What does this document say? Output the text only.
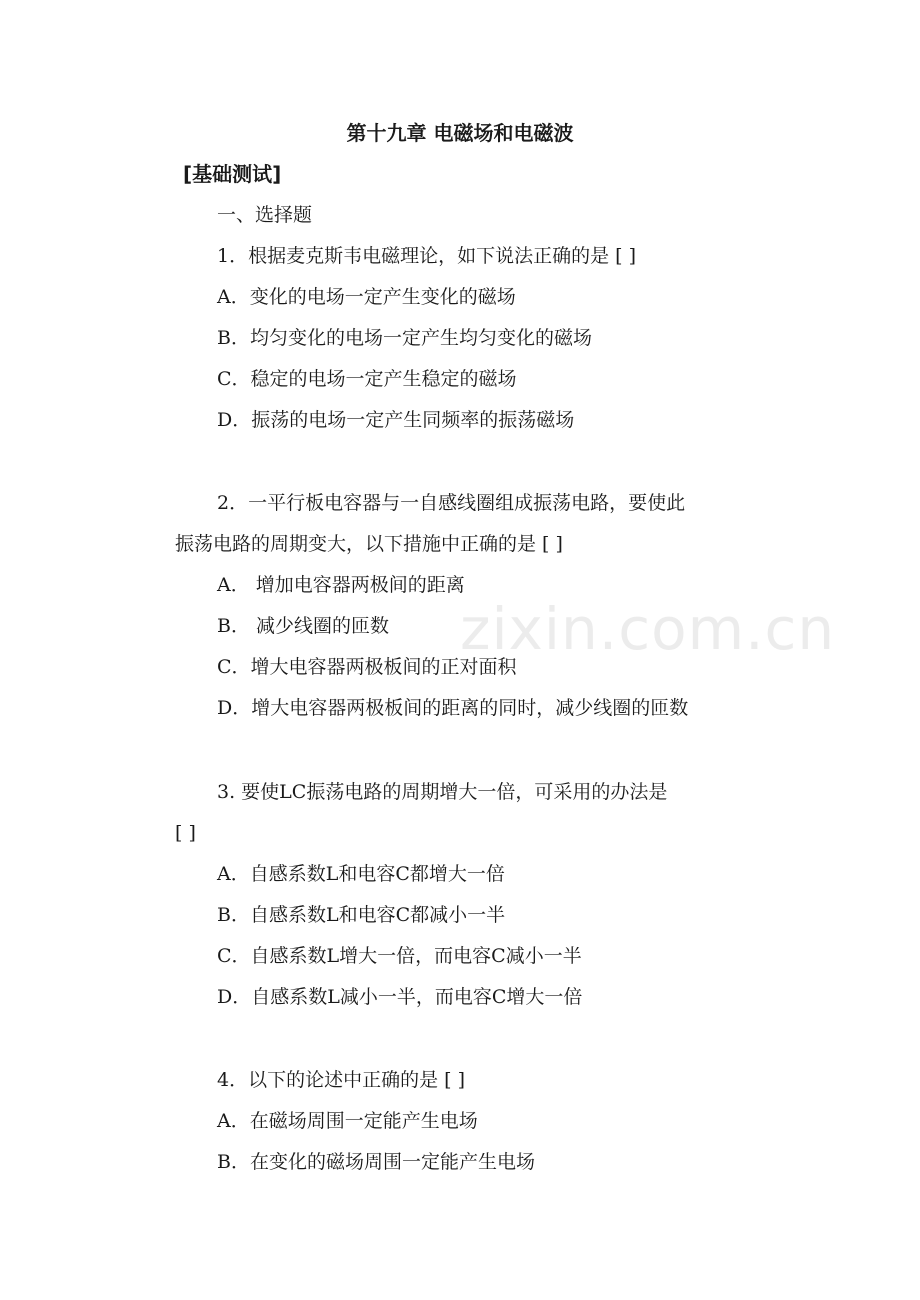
zixin.com.cn
第十九章 电磁场和电磁波
[基础测试]
一、选择题
1．根据麦克斯韦电磁理论，如下说法正确的是 [ ]
A．变化的电场一定产生变化的磁场
B．均匀变化的电场一定产生均匀变化的磁场
C．稳定的电场一定产生稳定的磁场
D．振荡的电场一定产生同频率的振荡磁场
2．一平行板电容器与一自感线圈组成振荡电路，要使此
振荡电路的周期变大，以下措施中正确的是 [ ]
A． 增加电容器两极间的距离
B． 减少线圈的匝数
C．增大电容器两极板间的正对面积
D．增大电容器两极板间的距离的同时，减少线圈的匝数
3. 要使LC振荡电路的周期增大一倍，可采用的办法是
[ ]
A．自感系数L和电容C都增大一倍
B．自感系数L和电容C都减小一半
C．自感系数L增大一倍，而电容C减小一半
D．自感系数L减小一半，而电容C增大一倍
4．以下的论述中正确的是 [ ]
A．在磁场周围一定能产生电场
B．在变化的磁场周围一定能产生电场
